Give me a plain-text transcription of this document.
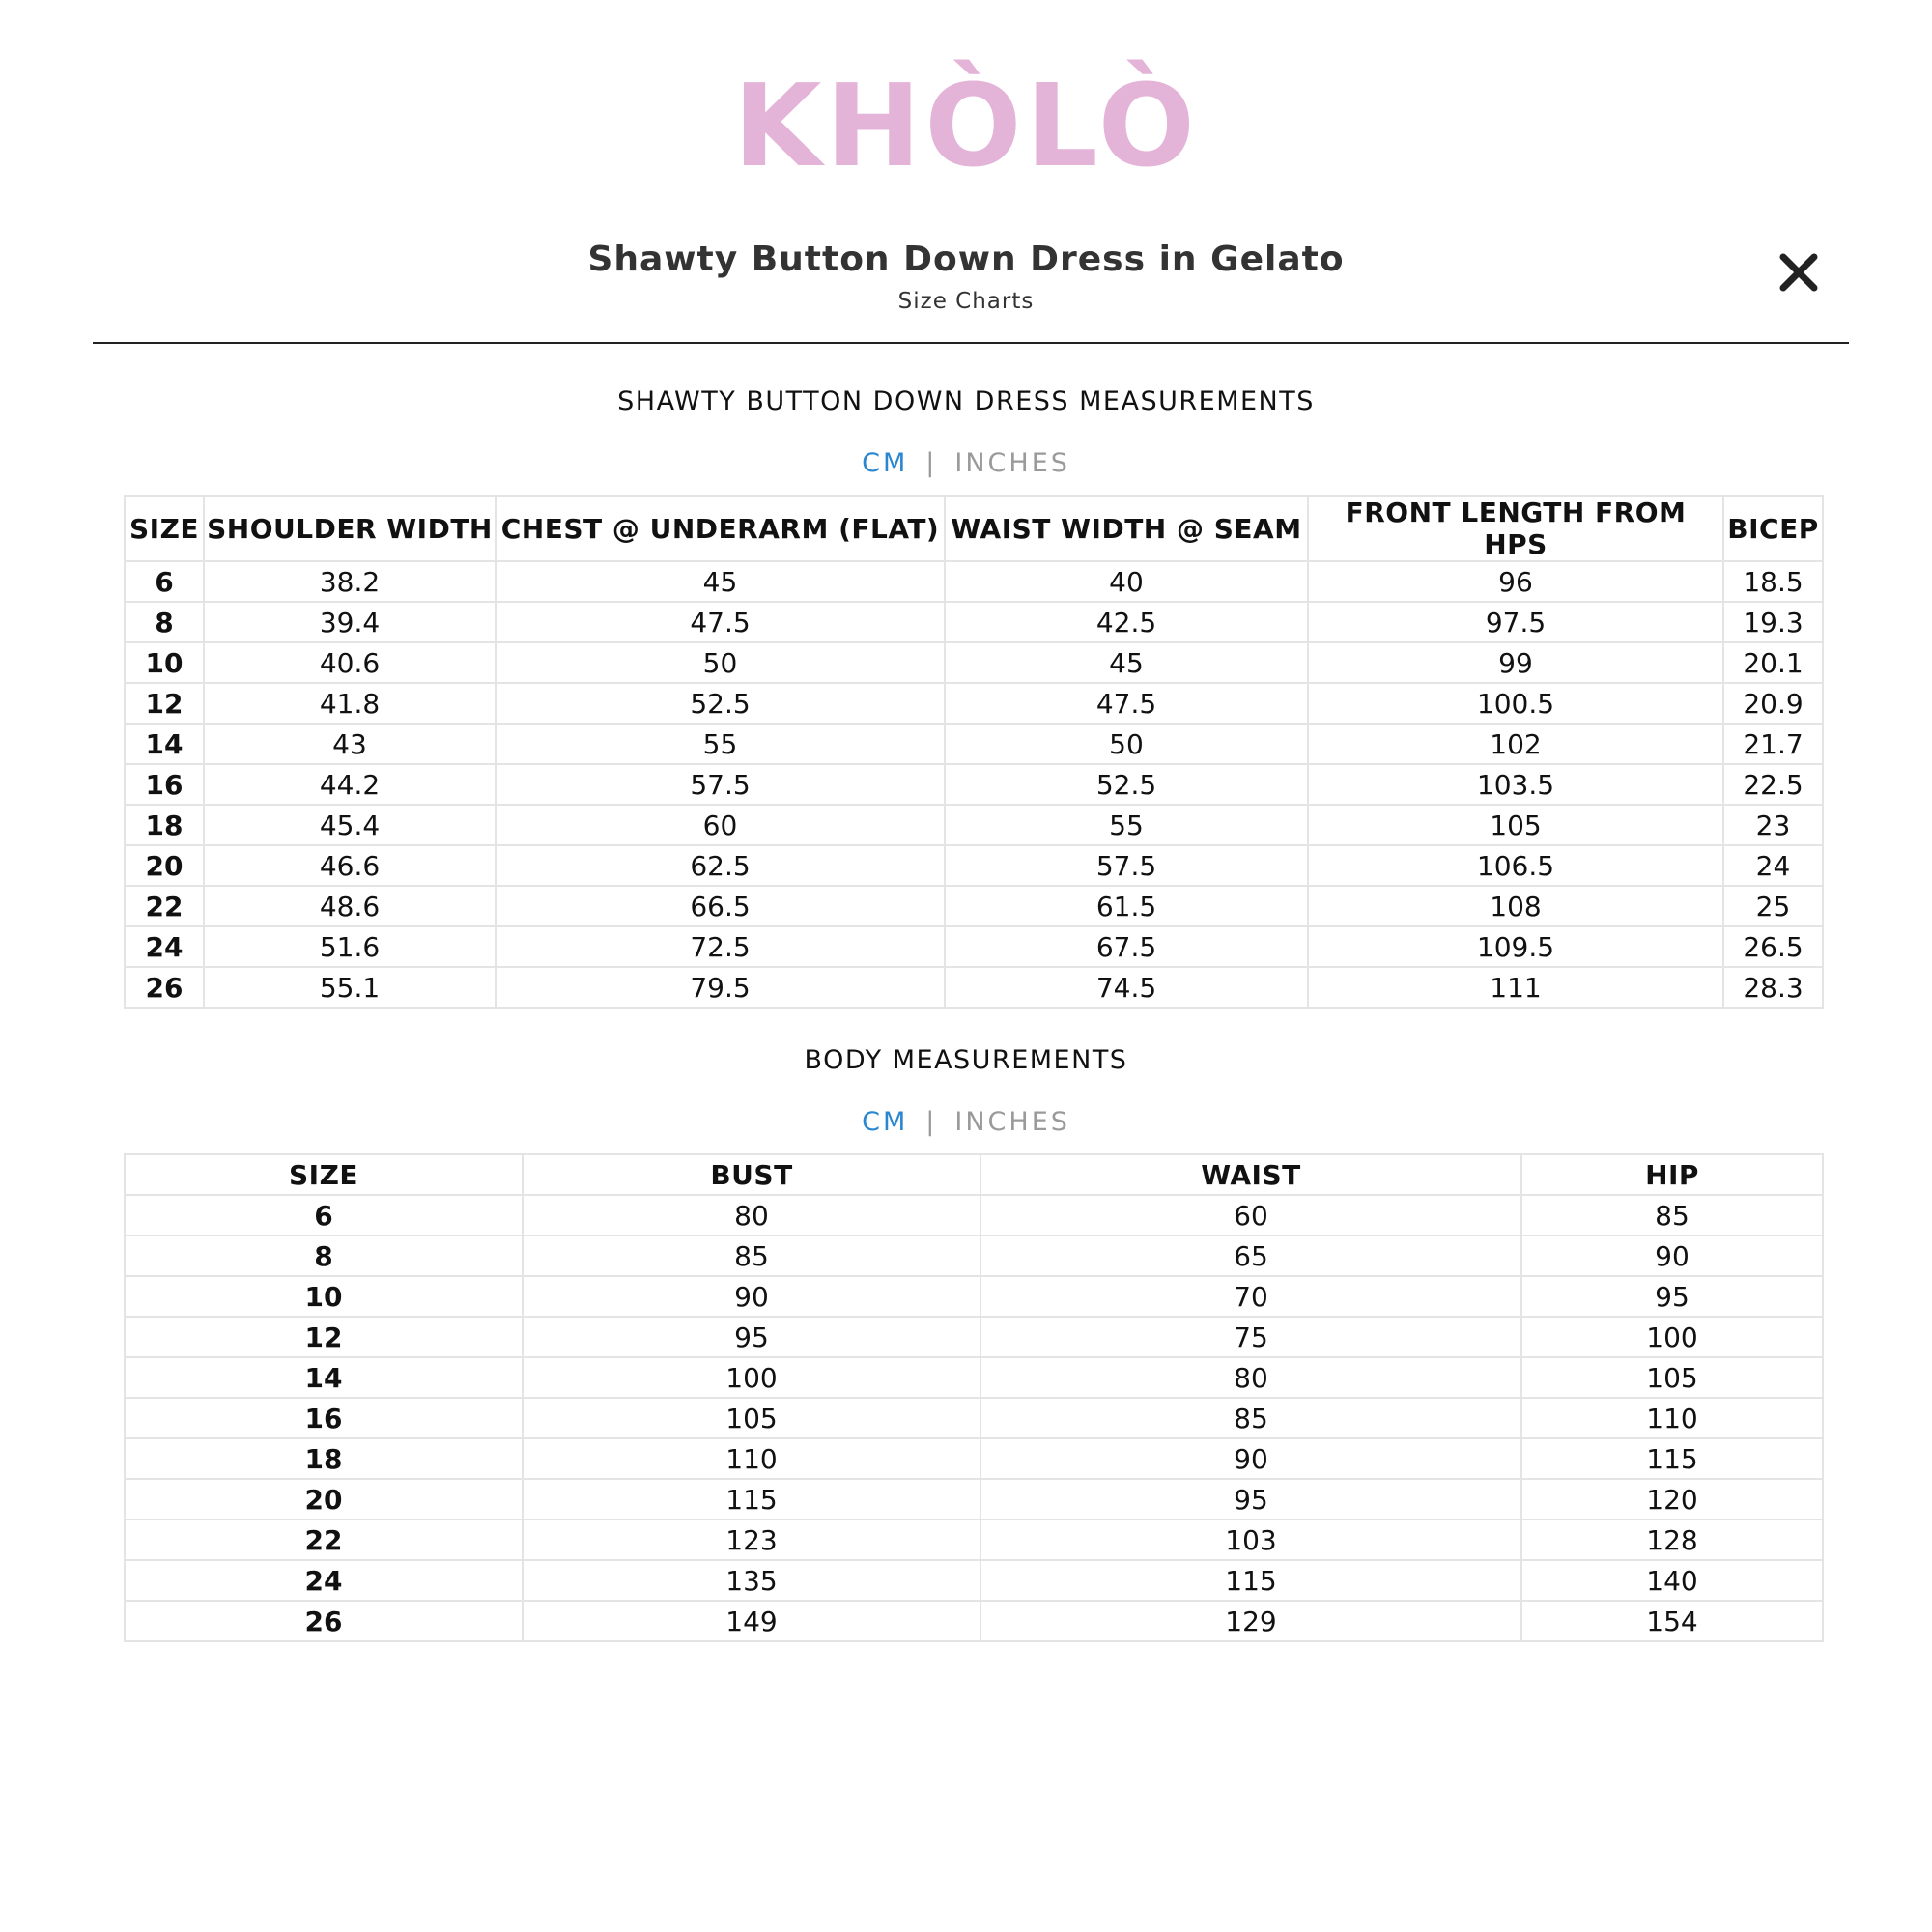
KHÒLÒ
Shawty Button Down Dress in Gelato
Size Charts
SHAWTY BUTTON DOWN DRESS MEASUREMENTS
CM | INCHES
SIZE	SHOULDER WIDTH	CHEST @ UNDERARM (FLAT)	WAIST WIDTH @ SEAM	FRONT LENGTH FROM HPS	BICEP
6	38.2	45	40	96	18.5
8	39.4	47.5	42.5	97.5	19.3
10	40.6	50	45	99	20.1
12	41.8	52.5	47.5	100.5	20.9
14	43	55	50	102	21.7
16	44.2	57.5	52.5	103.5	22.5
18	45.4	60	55	105	23
20	46.6	62.5	57.5	106.5	24
22	48.6	66.5	61.5	108	25
24	51.6	72.5	67.5	109.5	26.5
26	55.1	79.5	74.5	111	28.3
BODY MEASUREMENTS
CM | INCHES
SIZE	BUST	WAIST	HIP
6	80	60	85
8	85	65	90
10	90	70	95
12	95	75	100
14	100	80	105
16	105	85	110
18	110	90	115
20	115	95	120
22	123	103	128
24	135	115	140
26	149	129	154
